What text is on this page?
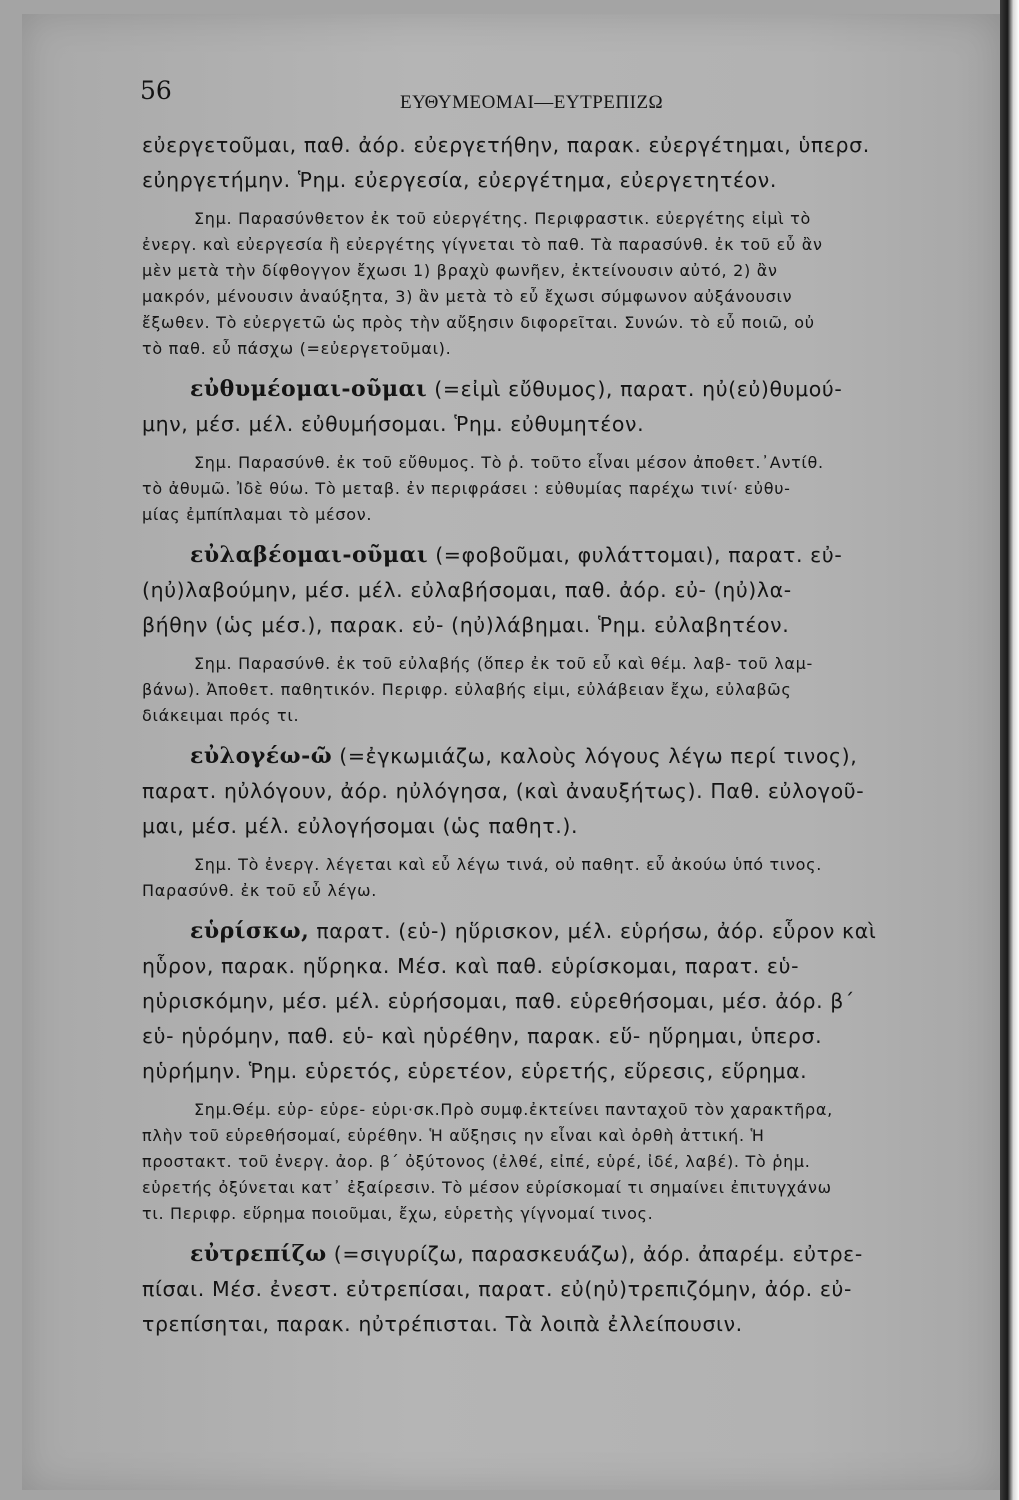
56	ΕΥΘΥΜΕΟΜΑΙ—ΕΥΤΡΕΠΙΖΩ
εὐεργετοῦμαι, παθ. ἀόρ. εὐεργετήθην, παρακ. εὐεργέτημαι, ὑπερσ.
εὐηργετήμην. Ῥημ. εὐεργεσία, εὐεργέτημα, εὐεργετητέον.
Σημ. Παρασύνθετον ἐκ τοῦ εὐεργέτης. Περιφραστικ. εὐεργέτης εἰμὶ τὸ
ἐνεργ. καὶ εὐεργεσία ἢ εὐεργέτης γίγνεται τὸ παθ. Τὰ παρασύνθ. ἐκ τοῦ εὖ ἂν
μὲν μετὰ τὴν δίφθογγον ἔχωσι 1) βραχὺ φωνῆεν, ἐκτείνουσιν αὐτό, 2) ἂν
μακρόν, μένουσιν ἀναύξητα, 3) ἂν μετὰ τὸ εὖ ἔχωσι σύμφωνον αὐξάνουσιν
ἔξωθεν. Τὸ εὐεργετῶ ὡς πρὸς τὴν αὔξησιν διφορεῖται. Συνών. τὸ εὖ ποιῶ, οὐ
τὸ παθ. εὖ πάσχω (=εὐεργετοῦμαι).
εὐθυμέομαι-οῦμαι (=εἰμὶ εὔθυμος), παρατ. ηὐ(εὐ)θυμού-
μην, μέσ. μέλ. εὐθυμήσομαι. Ῥημ. εὐθυμητέον.
Σημ. Παρασύνθ. ἐκ τοῦ εὔθυμος. Τὸ ῥ. τοῦτο εἶναι μέσον ἀποθετ.᾿Αντίθ.
τὸ ἀθυμῶ. Ἰδὲ θύω. Τὸ μεταβ. ἐν περιφράσει : εὐθυμίας παρέχω τινί· εὐθυ-
μίας ἐμπίπλαμαι τὸ μέσον.
εὐλαβέομαι-οῦμαι (=φοβοῦμαι, φυλάττομαι), παρατ. εὐ-
(ηὐ)λαβούμην, μέσ. μέλ. εὐλαβήσομαι, παθ. ἀόρ. εὐ- (ηὐ)λα-
βήθην (ὡς μέσ.), παρακ. εὐ- (ηὐ)λάβημαι. Ῥημ. εὐλαβητέον.
Σημ. Παρασύνθ. ἐκ τοῦ εὐλαβής (ὅπερ ἐκ τοῦ εὖ καὶ θέμ. λαβ- τοῦ λαμ-
βάνω). Ἀποθετ. παθητικόν. Περιφρ. εὐλαβής εἰμι, εὐλάβειαν ἔχω, εὐλαβῶς
διάκειμαι πρός τι.
εὐλογέω-ῶ (=ἐγκωμιάζω, καλοὺς λόγους λέγω περί τινος),
παρατ. ηὐλόγουν, ἀόρ. ηὐλόγησα, (καὶ ἀναυξήτως). Παθ. εὐλογοῦ-
μαι, μέσ. μέλ. εὐλογήσομαι (ὡς παθητ.).
Σημ. Τὸ ἐνεργ. λέγεται καὶ εὖ λέγω τινά, οὐ παθητ. εὖ ἀκούω ὑπό τινος.
Παρασύνθ. ἐκ τοῦ εὖ λέγω.
εὑρίσκω, παρατ. (εὑ-) ηὕρισκον, μέλ. εὑρήσω, ἀόρ. εὗρον καὶ
ηὗρον, παρακ. ηὕρηκα. Μέσ. καὶ παθ. εὑρίσκομαι, παρατ. εὑ-
ηὑρισκόμην, μέσ. μέλ. εὑρήσομαι, παθ. εὑρεθήσομαι, μέσ. ἀόρ. β΄
εὑ- ηὑρόμην, παθ. εὑ- καὶ ηὑρέθην, παρακ. εὕ- ηὕρημαι, ὑπερσ.
ηὑρήμην. Ῥημ. εὑρετός, εὑρετέον, εὑρετής, εὕρεσις, εὕρημα.
Σημ.Θέμ. εὑρ- εὑρε- εὑρι·σκ.Πρὸ συμφ.ἐκτείνει πανταχοῦ τὸν χαρακτῆρα,
πλὴν τοῦ εὑρεθήσομαί, εὑρέθην. Ἡ αὔξησις ην εἶναι καὶ ὀρθὴ ἀττική. Ἡ
προστακτ. τοῦ ἐνεργ. ἀορ. β΄ ὀξύτονος (ἐλθέ, εἰπέ, εὑρέ, ἰδέ, λαβέ). Τὸ ῥημ.
εὑρετής ὀξύνεται κατ᾿ ἐξαίρεσιν. Τὸ μέσον εὑρίσκομαί τι σημαίνει ἐπιτυγχάνω
τι. Περιφρ. εὕρημα ποιοῦμαι, ἔχω, εὑρετὴς γίγνομαί τινος.
εὐτρεπίζω (=σιγυρίζω, παρασκευάζω), ἀόρ. ἀπαρέμ. εὐτρε-
πίσαι. Μέσ. ἐνεστ. εὐτρεπίσαι, παρατ. εὐ(ηὐ)τρεπιζόμην, ἀόρ. εὐ-
τρεπίσηται, παρακ. ηὐτρέπισται. Τὰ λοιπὰ ἐλλείπουσιν.
